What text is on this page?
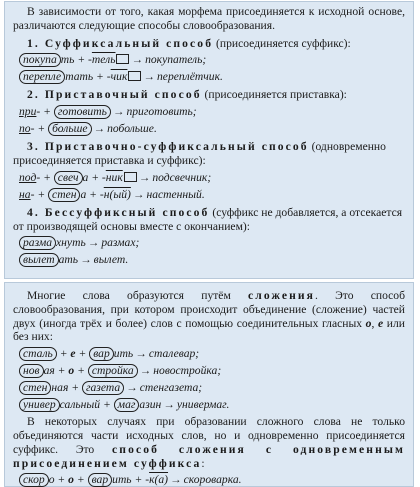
В зависимости от того, какая морфема присоединяется к исходной основе, различаются следующие способы словообразования.

1. Суффиксальный способ (присоединяется суффикс):
покупа ть + -тель → покупатель;
перепле тать + -чик → переплётчик.
2. Приставочный способ (присоединяется приставка):
при- + готовить → приготовить;
по- + больше → побольше.
3. Приставочно-суффиксальный способ (одновременно присоединяется приставка и суффикс):
под- + свеч а + -ник → подсвечник;
на- + стен а + -н(ый) → настенный.
4. Бессуффиксный способ (суффикс не добавляется, а отсекается от производящей основы вместе с окончанием):
разма хнуть → размах;
вылет ать → вылет.

Многие слова образуются путём сложения. Это способ словообразования, при котором происходит объединение (сложение) частей двух (иногда трёх и более) слов с помощью соединительных гласных о, е или без них:

сталь + е + вар ить → сталевар;
нов ая + о + стройка → новостройка;
стен ная + газета → стенгазета;
универ сальный + маг азин → универмаг.

В некоторых случаях при образовании сложного слова не только объединяются части исходных слов, но и одновременно присоединяется суффикс. Это способ сложения с одновременным присоединением суффикса:

скор о + о + вар ить + -к(а) → скороварка.
